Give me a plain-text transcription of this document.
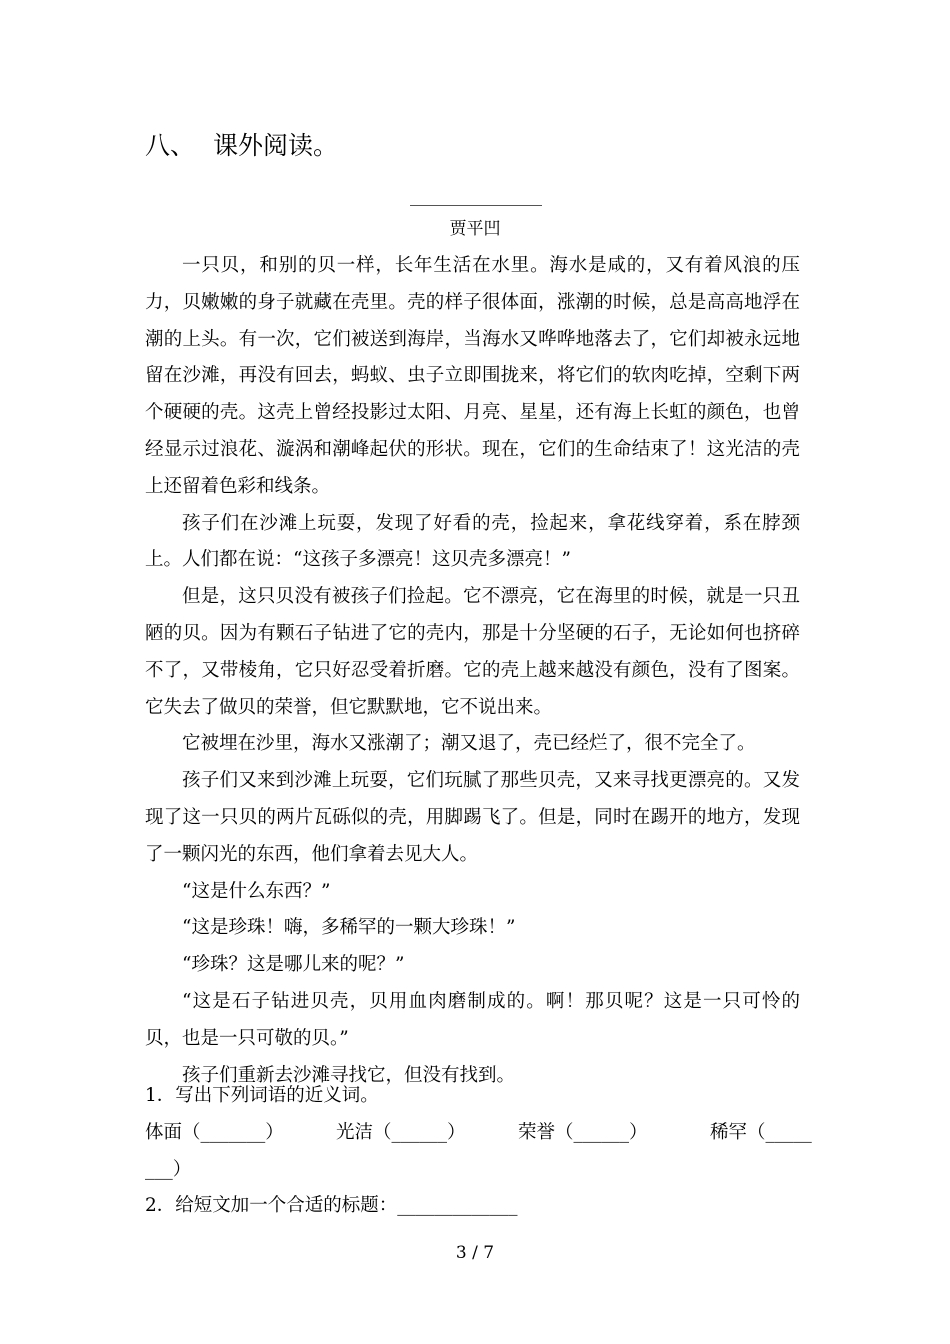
八、 课外阅读。
贾平凹

一只贝，和别的贝一样，长年生活在水里。海水是咸的，又有着风浪的压力，贝嫩嫩的身子就藏在壳里。壳的样子很体面，涨潮的时候，总是高高地浮在潮的上头。有一次，它们被送到海岸，当海水又哗哗地落去了，它们却被永远地留在沙滩，再没有回去，蚂蚁、虫子立即围拢来，将它们的软肉吃掉，空剩下两个硬硬的壳。这壳上曾经投影过太阳、月亮、星星，还有海上长虹的颜色，也曾经显示过浪花、漩涡和潮峰起伏的形状。现在，它们的生命结束了！这光洁的壳上还留着色彩和线条。

孩子们在沙滩上玩耍，发现了好看的壳，捡起来，拿花线穿着，系在脖颈上。人们都在说：“这孩子多漂亮！这贝壳多漂亮！”

但是，这只贝没有被孩子们捡起。它不漂亮，它在海里的时候，就是一只丑陋的贝。因为有颗石子钻进了它的壳内，那是十分坚硬的石子，无论如何也挤碎不了，又带棱角，它只好忍受着折磨。它的壳上越来越没有颜色，没有了图案。它失去了做贝的荣誉，但它默默地，它不说出来。

它被埋在沙里，海水又涨潮了；潮又退了，壳已经烂了，很不完全了。

孩子们又来到沙滩上玩耍，它们玩腻了那些贝壳，又来寻找更漂亮的。又发现了这一只贝的两片瓦砾似的壳，用脚踢飞了。但是，同时在踢开的地方，发现了一颗闪光的东西，他们拿着去见大人。

“这是什么东西？”

“这是珍珠！嗨，多稀罕的一颗大珍珠！”

“珍珠？这是哪儿来的呢？”

“这是石子钻进贝壳，贝用血肉磨制成的。啊！那贝呢？这是一只可怜的贝，也是一只可敬的贝。”

孩子们重新去沙滩寻找它，但没有找到。

1．写出下列词语的近义词。
体面（_______）	光洁（______）	荣誉（______）	稀罕（_____
___）
2．给短文加一个合适的标题：_____________
3 / 7
